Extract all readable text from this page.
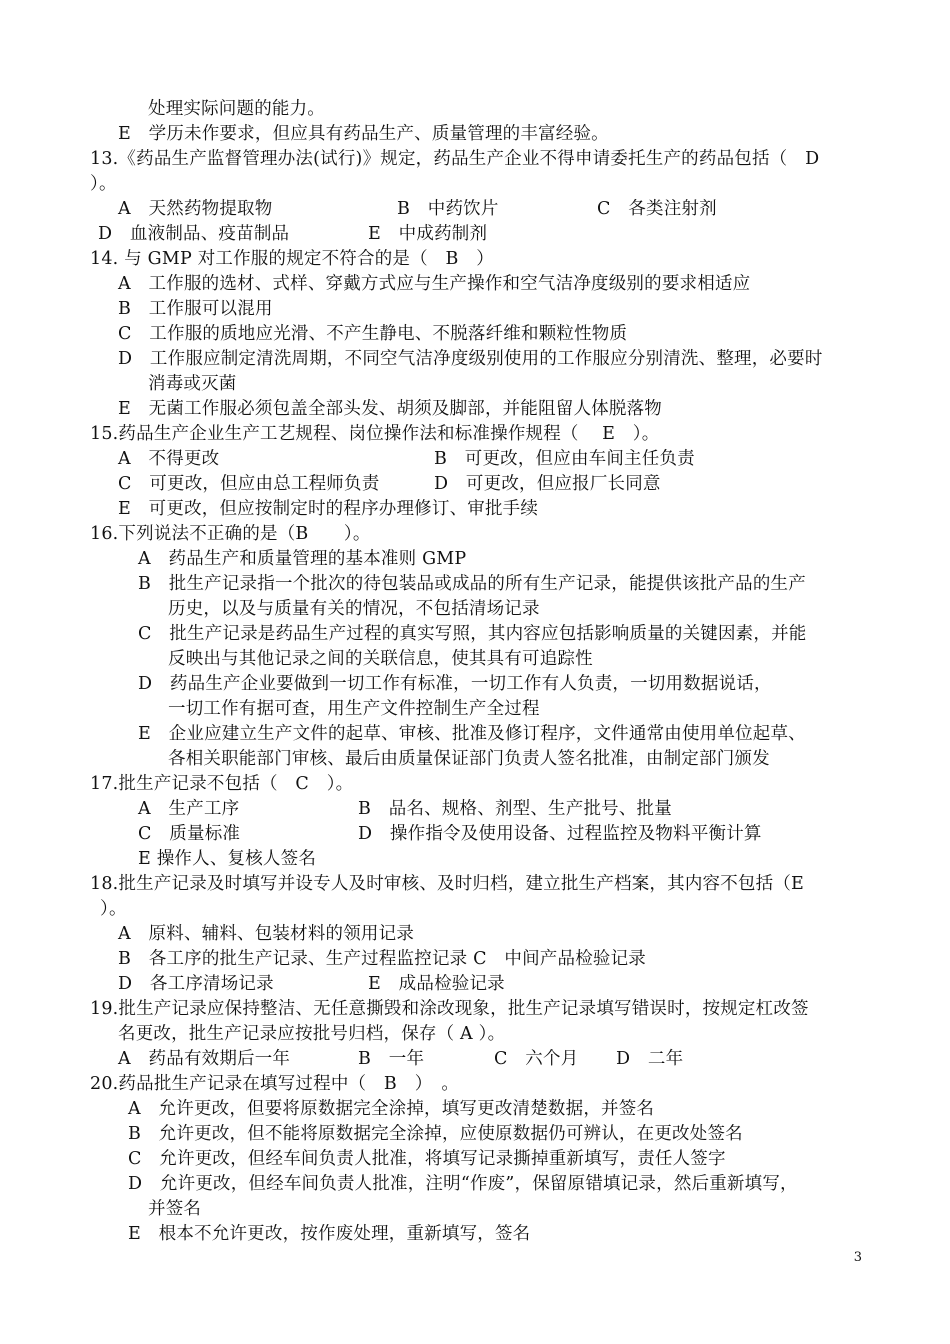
处理实际问题的能力。
E　学历未作要求，但应具有药品生产、质量管理的丰富经验。
13.《药品生产监督管理办法(试行)》规定，药品生产企业不得申请委托生产的药品包括（　D
）。
A　天然药物提取物	B　中药饮片	C　各类注射剂
D　血液制品、疫苗制品	E　中成药制剂
14. 与 GMP 对工作服的规定不符合的是（　B　）
A　工作服的选材、式样、穿戴方式应与生产操作和空气洁净度级别的要求相适应
B　工作服可以混用
C　工作服的质地应光滑、不产生静电、不脱落纤维和颗粒性物质
D　工作服应制定清洗周期，不同空气洁净度级别使用的工作服应分别清洗、整理，必要时
消毒或灭菌
E　无菌工作服必须包盖全部头发、胡须及脚部，并能阻留人体脱落物
15.药品生产企业生产工艺规程、岗位操作法和标准操作规程（　 E　）。
A　不得更改	B　可更改，但应由车间主任负责
C　可更改，但应由总工程师负责	D　可更改，但应报厂长同意
E　可更改，但应按制定时的程序办理修订、审批手续
16.下列说法不正确的是（B　　）。
A　药品生产和质量管理的基本准则 GMP
B　批生产记录指一个批次的待包装品或成品的所有生产记录，能提供该批产品的生产
历史，以及与质量有关的情况，不包括清场记录
C　批生产记录是药品生产过程的真实写照，其内容应包括影响质量的关键因素，并能
反映出与其他记录之间的关联信息，使其具有可追踪性
D　药品生产企业要做到一切工作有标准，一切工作有人负责，一切用数据说话，
一切工作有据可查，用生产文件控制生产全过程
E　企业应建立生产文件的起草、审核、批准及修订程序，文件通常由使用单位起草、
各相关职能部门审核、最后由质量保证部门负责人签名批准，由制定部门颁发
17.批生产记录不包括（　C　）。
A　生产工序	B　品名、规格、剂型、生产批号、批量
C　质量标准	D　操作指令及使用设备、过程监控及物料平衡计算
E 操作人、复核人签名
18.批生产记录及时填写并设专人及时审核、及时归档，建立批生产档案，其内容不包括（E
）。
A　原料、辅料、包装材料的领用记录
B　各工序的批生产记录、生产过程监控记录 C　中间产品检验记录
D　各工序清场记录	E　成品检验记录
19.批生产记录应保持整洁、无任意撕毁和涂改现象，批生产记录填写错误时，按规定杠改签
名更改，批生产记录应按批号归档，保存（ A ）。
A　药品有效期后一年	B　一年	C　六个月 D　二年
20.药品批生产记录在填写过程中（　B　）　。
A　允许更改，但要将原数据完全涂掉，填写更改清楚数据，并签名
B　允许更改，但不能将原数据完全涂掉，应使原数据仍可辨认，在更改处签名
C　允许更改，但经车间负责人批准，将填写记录撕掉重新填写，责任人签字
D　允许更改，但经车间负责人批准，注明“作废”，保留原错填记录，然后重新填写，
并签名
E　根本不允许更改，按作废处理，重新填写，签名
3
